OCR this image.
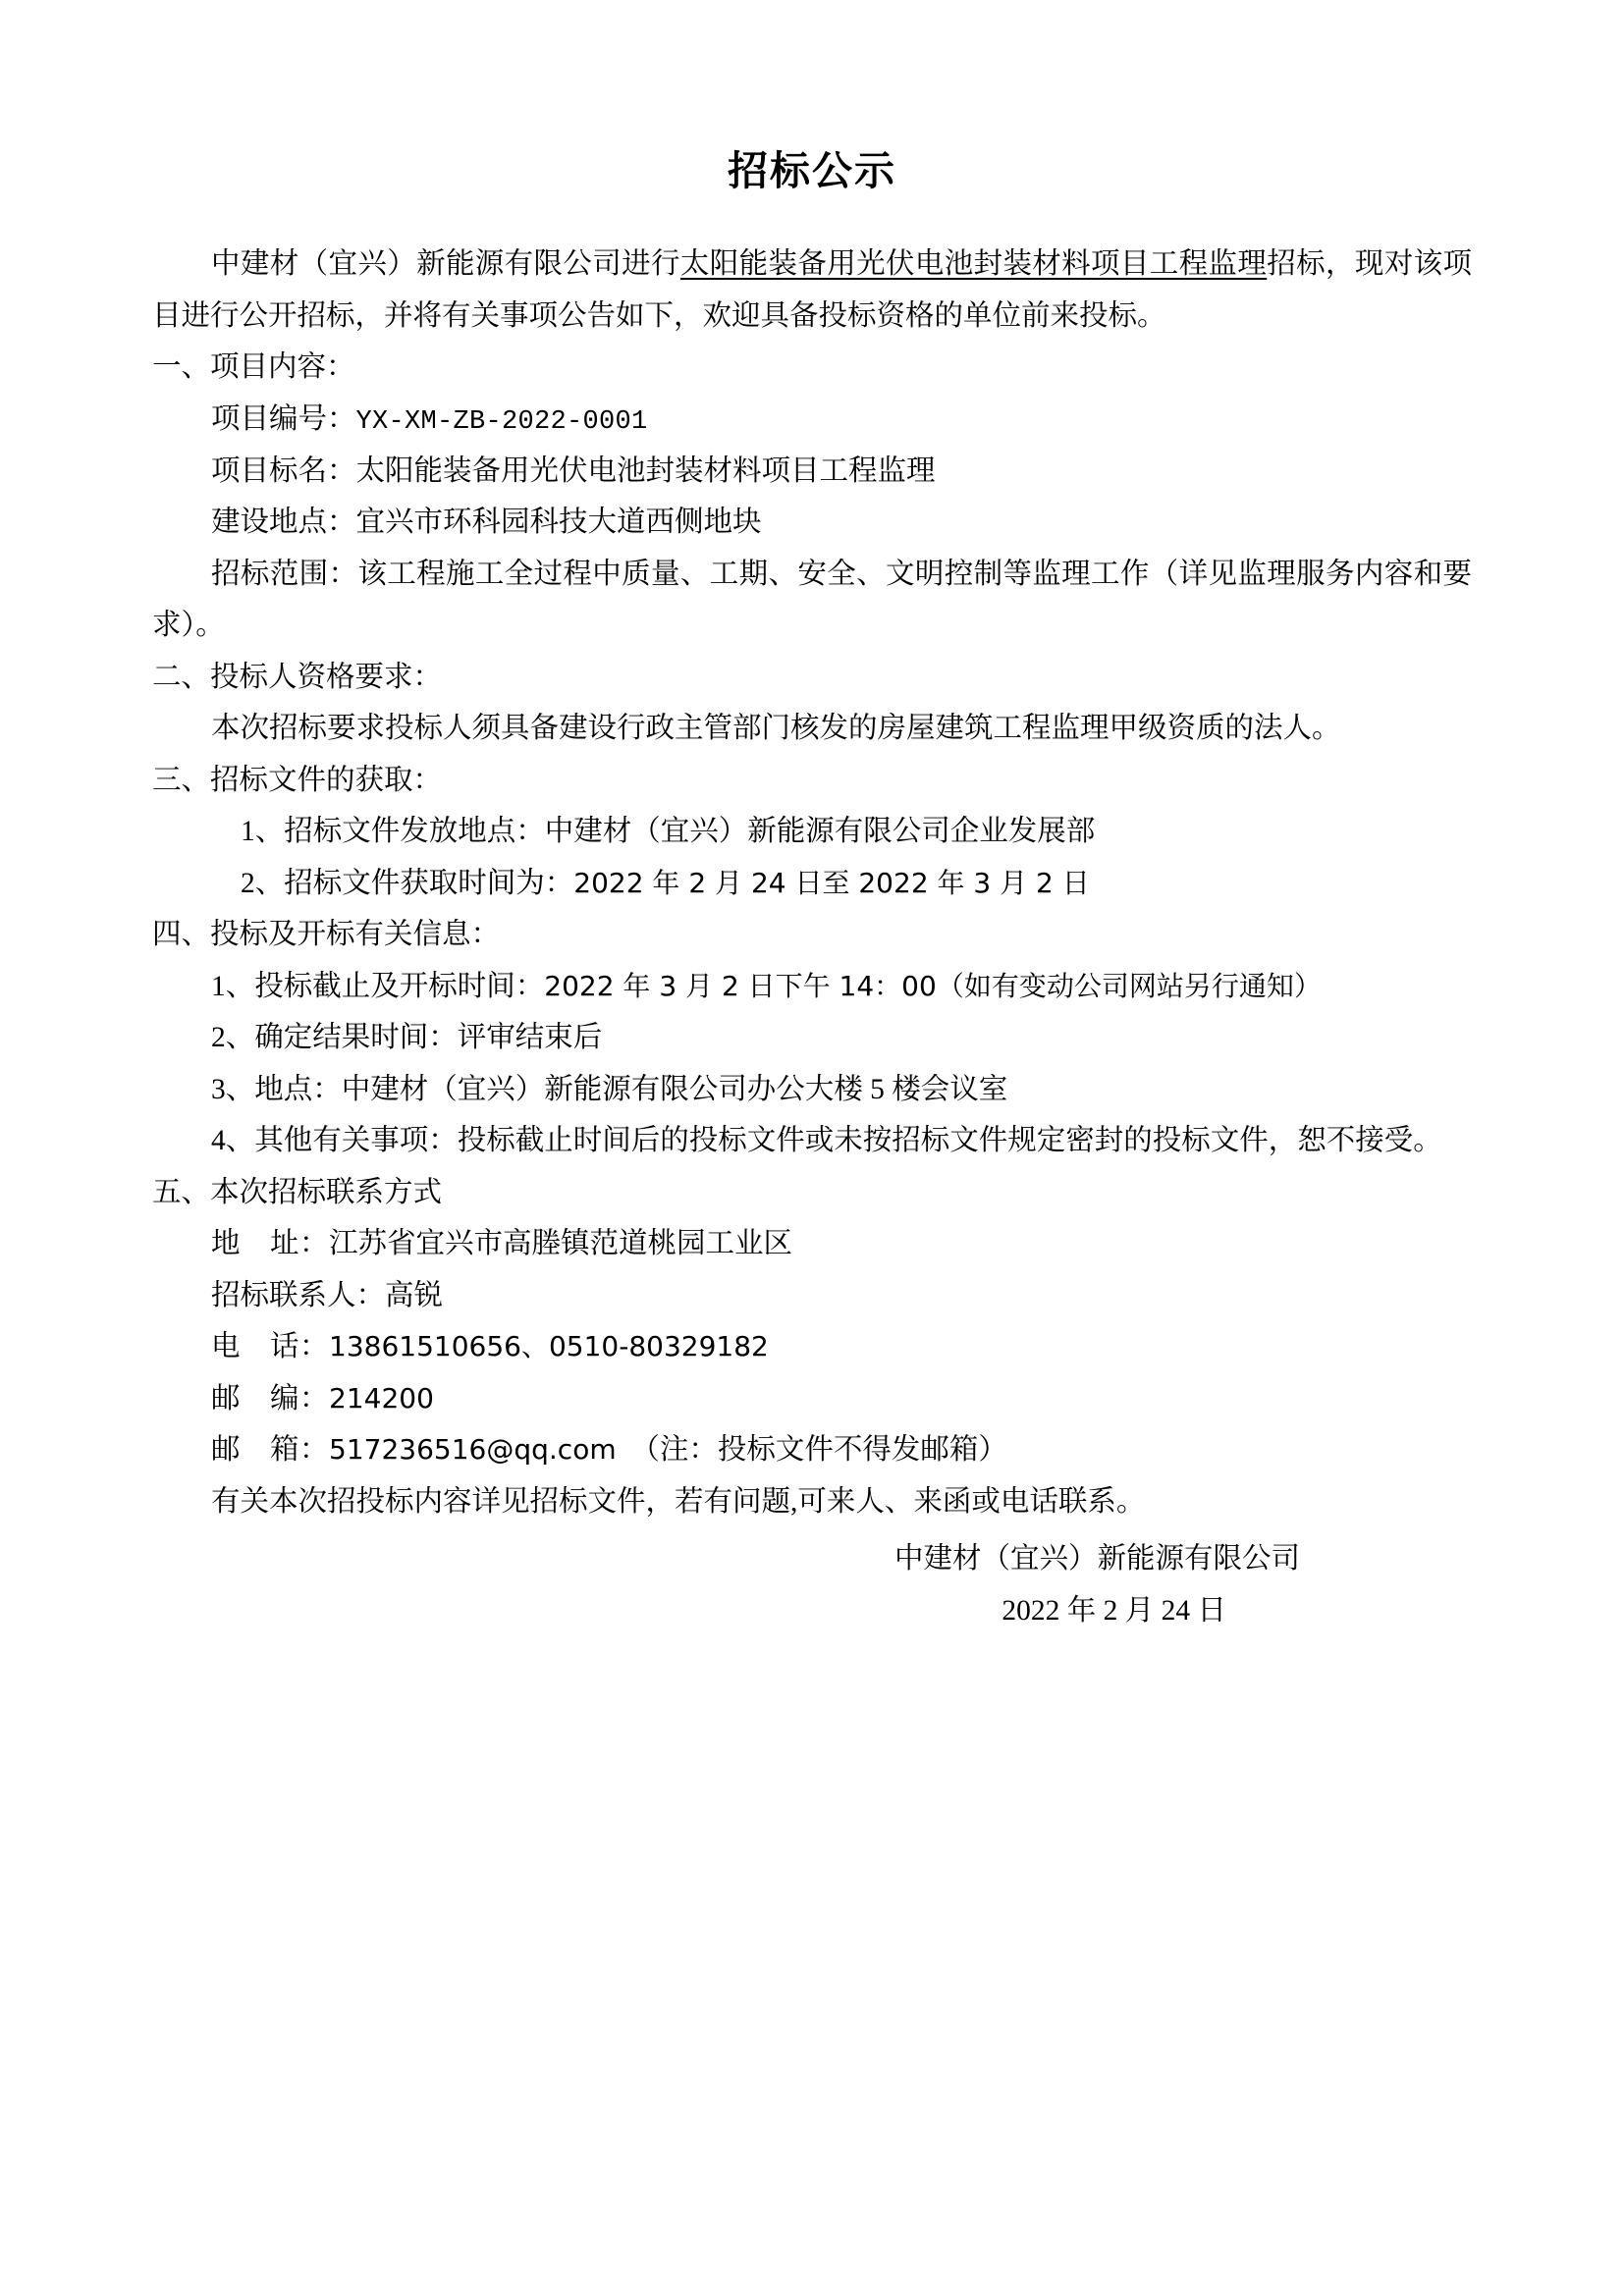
招标公示

中建材（宜兴）新能源有限公司进行太阳能装备用光伏电池封装材料项目工程监理招标，现对该项目进行公开招标，并将有关事项公告如下，欢迎具备投标资格的单位前来投标。

一、项目内容：

项目编号：YX-XM-ZB-2022-0001

项目标名：太阳能装备用光伏电池封装材料项目工程监理

建设地点：宜兴市环科园科技大道西侧地块

招标范围：该工程施工全过程中质量、工期、安全、文明控制等监理工作（详见监理服务内容和要求）。

二、投标人资格要求：

本次招标要求投标人须具备建设行政主管部门核发的房屋建筑工程监理甲级资质的法人。

三、招标文件的获取：

1、招标文件发放地点：中建材（宜兴）新能源有限公司企业发展部

2、招标文件获取时间为：2022 年 2 月 24 日至 2022 年 3 月 2 日

四、投标及开标有关信息：

1、投标截止及开标时间：2022 年 3 月 2 日下午 14：00（如有变动公司网站另行通知）

2、确定结果时间：评审结束后

3、地点：中建材（宜兴）新能源有限公司办公大楼 5 楼会议室

4、其他有关事项：投标截止时间后的投标文件或未按招标文件规定密封的投标文件，恕不接受。

五、本次招标联系方式

地　址：江苏省宜兴市高塍镇范道桃园工业区

招标联系人：高锐

电　话：13861510656、0510-80329182

邮　编：214200

邮　箱：517236516@qq.com （注：投标文件不得发邮箱）

有关本次招投标内容详见招标文件，若有问题,可来人、来函或电话联系。

中建材（宜兴）新能源有限公司

2022 年 2 月 24 日
